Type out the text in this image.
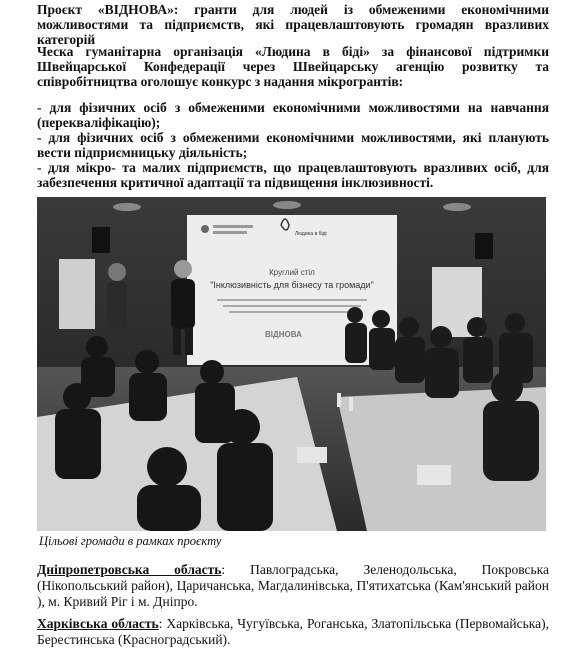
Проєкт «ВІДНОВА»: гранти для людей із обмеженими економічними можливостями та підприємств, які працевлаштовують громадян вразливих категорій

Ческа гуманітарна організація «Людина в біді» за фінансової підтримки Швейцарської Конфедерації через Швейцарську агенцію розвитку та співробітництва оголошує конкурс з надання мікрогрантів:

- для фізичних осіб з обмеженими економічними можливостями на навчання (перекваліфікацію);

- для фізичних осіб з обмеженими економічними можливостями, які планують вести підприємницьку діяльність;

- для мікро- та малих підприємств, що працевлаштовують вразливих осіб, для забезпечення критичної адаптації та підвищення інклюзивності.

Людина в біді
Круглий стіл
"Інклюзивність для бізнесу та громади"
ВІДНОВА
Цільові громади в рамках проєкту

Дніпропетровська область: Павлоградська, Зеленодольська, Покровська (Нікопольський район), Царичанська, Магдалинівська, П'ятихатська (Кам'янський район ), м. Кривий Ріг і м. Дніпро.

Харківська область: Харківська, Чугуївська, Роганська, Златопільська (Первомайська), Берестинська (Красноградський).
